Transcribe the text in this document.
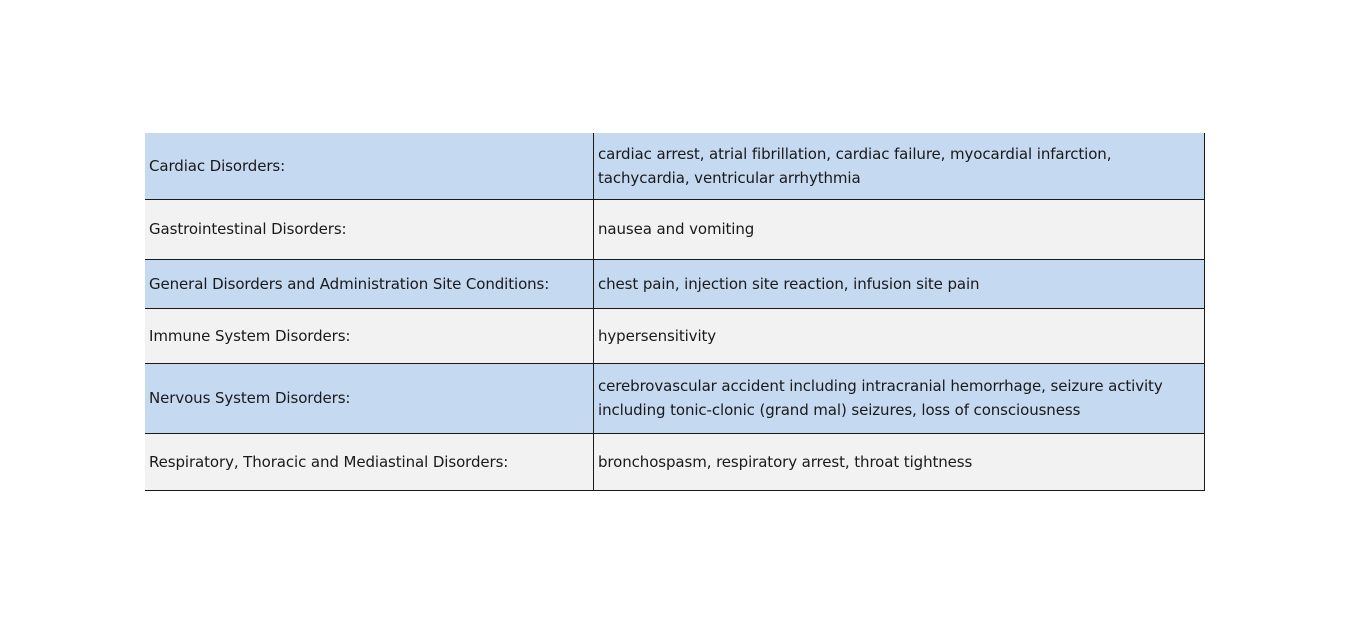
Cardiac Disorders:	cardiac arrest, atrial fibrillation, cardiac failure, myocardial infarction, tachycardia, ventricular arrhythmia
Gastrointestinal Disorders:	nausea and vomiting
General Disorders and Administration Site Conditions:	chest pain, injection site reaction, infusion site pain
Immune System Disorders:	hypersensitivity
Nervous System Disorders:	cerebrovascular accident including intracranial hemorrhage, seizure activity including tonic-clonic (grand mal) seizures, loss of consciousness
Respiratory, Thoracic and Mediastinal Disorders:	bronchospasm, respiratory arrest, throat tightness
